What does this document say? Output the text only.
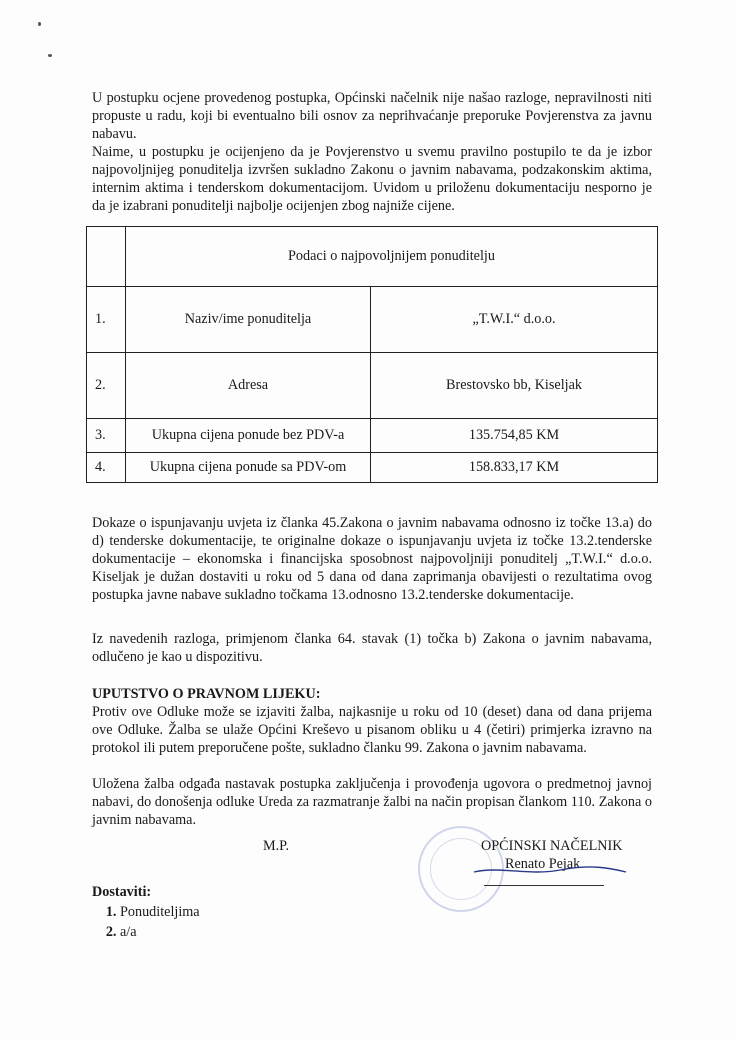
U postupku ocjene provedenog postupka, Općinski načelnik nije našao razloge, nepravilnosti niti propuste u radu, koji bi eventualno bili osnov za neprihvaćanje preporuke Povjerenstva za javnu nabavu.

Naime, u postupku je ocijenjeno da je Povjerenstvo u svemu pravilno postupilo te da je izbor najpovoljnijeg ponuditelja izvršen sukladno Zakonu o javnim nabavama, podzakonskim aktima, internim aktima i tenderskom dokumentacijom. Uvidom u priloženu dokumentaciju nesporno je da je izabrani ponuditelji najbolje ocijenjen zbog najniže cijene.

	Podaci o najpovoljnijem ponuditelju	
1.	Naziv/ime ponuditelja	„T.W.I.“ d.o.o.
2.	Adresa	Brestovsko bb, Kiseljak
3.	Ukupna cijena ponude bez PDV-a	135.754,85 KM
4.	Ukupna cijena ponude sa PDV-om	158.833,17 KM

Dokaze o ispunjavanju uvjeta iz članka 45.Zakona o javnim nabavama odnosno iz točke 13.a) do d) tenderske dokumentacije, te originalne dokaze o ispunjavanju uvjeta iz točke 13.2.tenderske dokumentacije – ekonomska i financijska sposobnost najpovoljniji ponuditelj „T.W.I.“ d.o.o. Kiseljak je dužan dostaviti u roku od 5 dana od dana zaprimanja obavijesti o rezultatima ovog postupka javne nabave sukladno točkama 13.odnosno 13.2.tenderske dokumentacije.

Iz navedenih razloga, primjenom članka 64. stavak (1) točka b) Zakona o javnim nabavama, odlučeno je kao u dispozitivu.

UPUTSTVO O PRAVNOM LIJEKU:

Protiv ove Odluke može se izjaviti žalba, najkasnije u roku od 10 (deset) dana od dana prijema ove Odluke. Žalba se ulaže Općini Kreševo u pisanom obliku u 4 (četiri) primjerka izravno na protokol ili putem preporučene pošte, sukladno članku 99. Zakona o javnim nabavama.

Uložena žalba odgađa nastavak postupka zaključenja i provođenja ugovora o predmetnoj javnoj nabavi, do donošenja odluke Ureda za razmatranje žalbi na način propisan člankom 110. Zakona o javnim nabavama.

M.P.	OPĆINSKI NAČELNIK
Renato Pejak
Dostaviti:
1. Ponuditeljima
2. a/a
